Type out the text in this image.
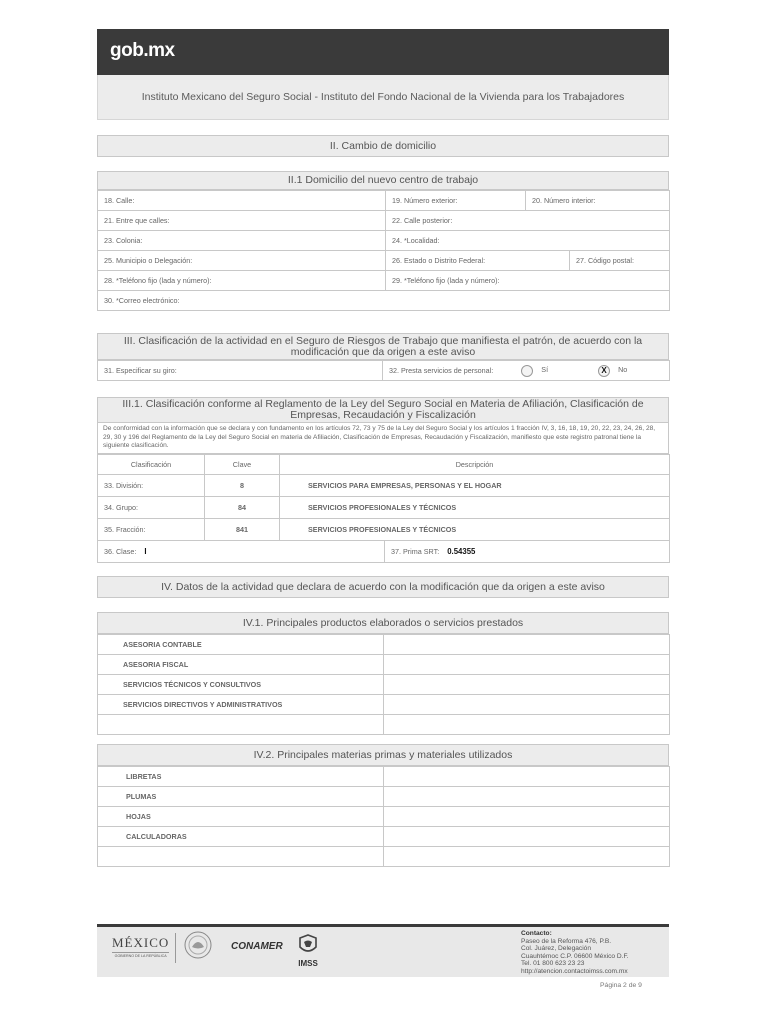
gob.mx
Instituto Mexicano del Seguro Social - Instituto del Fondo Nacional de la Vivienda para los Trabajadores
II. Cambio de domicilio
II.1 Domicilio del nuevo centro de trabajo
18. Calle:	19. Número exterior:	20. Número interior:	
21. Entre que calles:	22. Calle posterior:		
23. Colonia:	24. *Localidad:		
25. Municipio o Delegación:	26. Estado o Distrito Federal:		27. Código postal:
28. *Teléfono fijo (lada y número):	29. *Teléfono fijo (lada y número):		
30. *Correo electrónico:			
III. Clasificación de la actividad en el Seguro de Riesgos de Trabajo que manifiesta el patrón, de acuerdo con la modificación que da origen a este aviso
31. Especificar su giro:	32. Presta servicios de personal:	Sí	X No
III.1. Clasificación conforme al Reglamento de la Ley del Seguro Social en Materia de Afiliación, Clasificación de Empresas, Recaudación y Fiscalización
De conformidad con la información que se declara y con fundamento en los artículos 72, 73 y 75 de la Ley del Seguro Social y los artículos 1 fracción IV, 3, 16, 18, 19, 20, 22, 23, 24, 26, 28, 29, 30 y 196 del Reglamento de la Ley del Seguro Social en materia de Afiliación, Clasificación de Empresas, Recaudación y Fiscalización, manifiesto que este registro patronal tiene la siguiente clasificación.
Clasificación	Clave	Descripción	
33. División:	8	SERVICIOS PARA EMPRESAS, PERSONAS Y EL HOGAR	
34. Grupo:	84	SERVICIOS PROFESIONALES Y TÉCNICOS	
35. Fracción:	841	SERVICIOS PROFESIONALES Y TÉCNICOS	
36. Clase: I			37. Prima SRT: 0.54355
IV. Datos de la actividad que declara de acuerdo con la modificación que da origen a este aviso
IV.1. Principales productos elaborados o servicios prestados
ASESORIA CONTABLE	
ASESORIA FISCAL	
SERVICIOS TÉCNICOS Y CONSULTIVOS	
SERVICIOS DIRECTIVOS Y ADMINISTRATIVOS	

IV.2. Principales materias primas y materiales utilizados
LIBRETAS	
PLUMAS	
HOJAS	
CALCULADORAS	

MÉXICO
GOBIERNO DE LA REPÚBLICA
CONAMER
IMSS
Contacto:
Paseo de la Reforma 476, P.B.
Col. Juárez, Delegación
Cuauhtémoc C.P. 06600 México D.F.
Tel. 01 800 623 23 23
http://atencion.contactoimss.com.mx
Página 2 de 9
